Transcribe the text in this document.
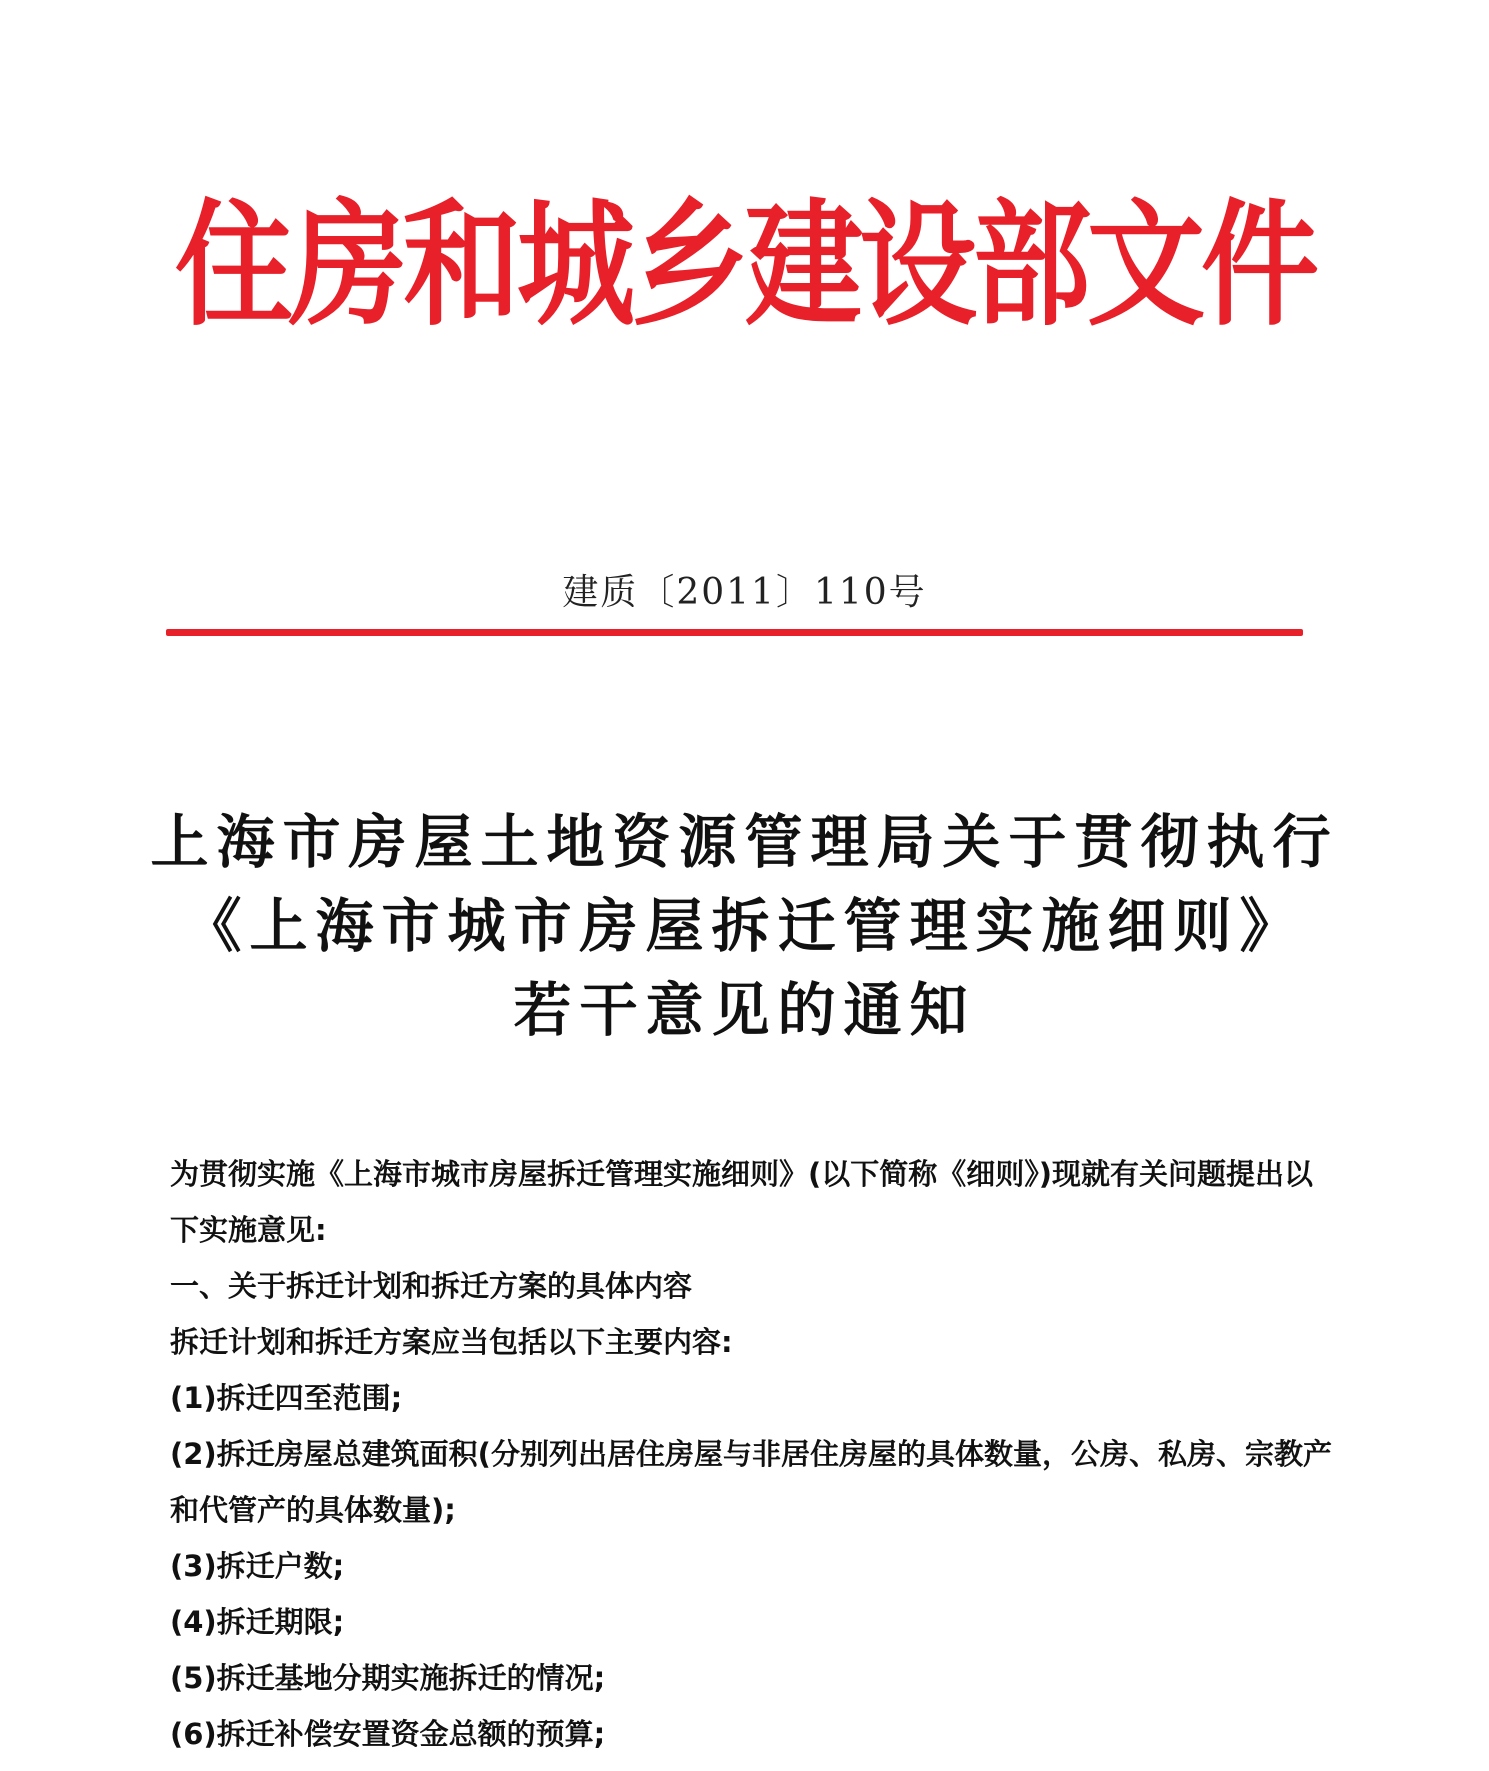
住房和城乡建设部文件
建质〔2011〕110号
上海市房屋土地资源管理局关于贯彻执行
《上海市城市房屋拆迁管理实施细则》
若干意见的通知

为贯彻实施《上海市城市房屋拆迁管理实施细则》(以下简称《细则》)现就有关问题提出以下实施意见:

一、关于拆迁计划和拆迁方案的具体内容

拆迁计划和拆迁方案应当包括以下主要内容:

(1)拆迁四至范围;

(2)拆迁房屋总建筑面积(分别列出居住房屋与非居住房屋的具体数量，公房、私房、宗教产和代管产的具体数量);

(3)拆迁户数;

(4)拆迁期限;

(5)拆迁基地分期实施拆迁的情况;

(6)拆迁补偿安置资金总额的预算;
